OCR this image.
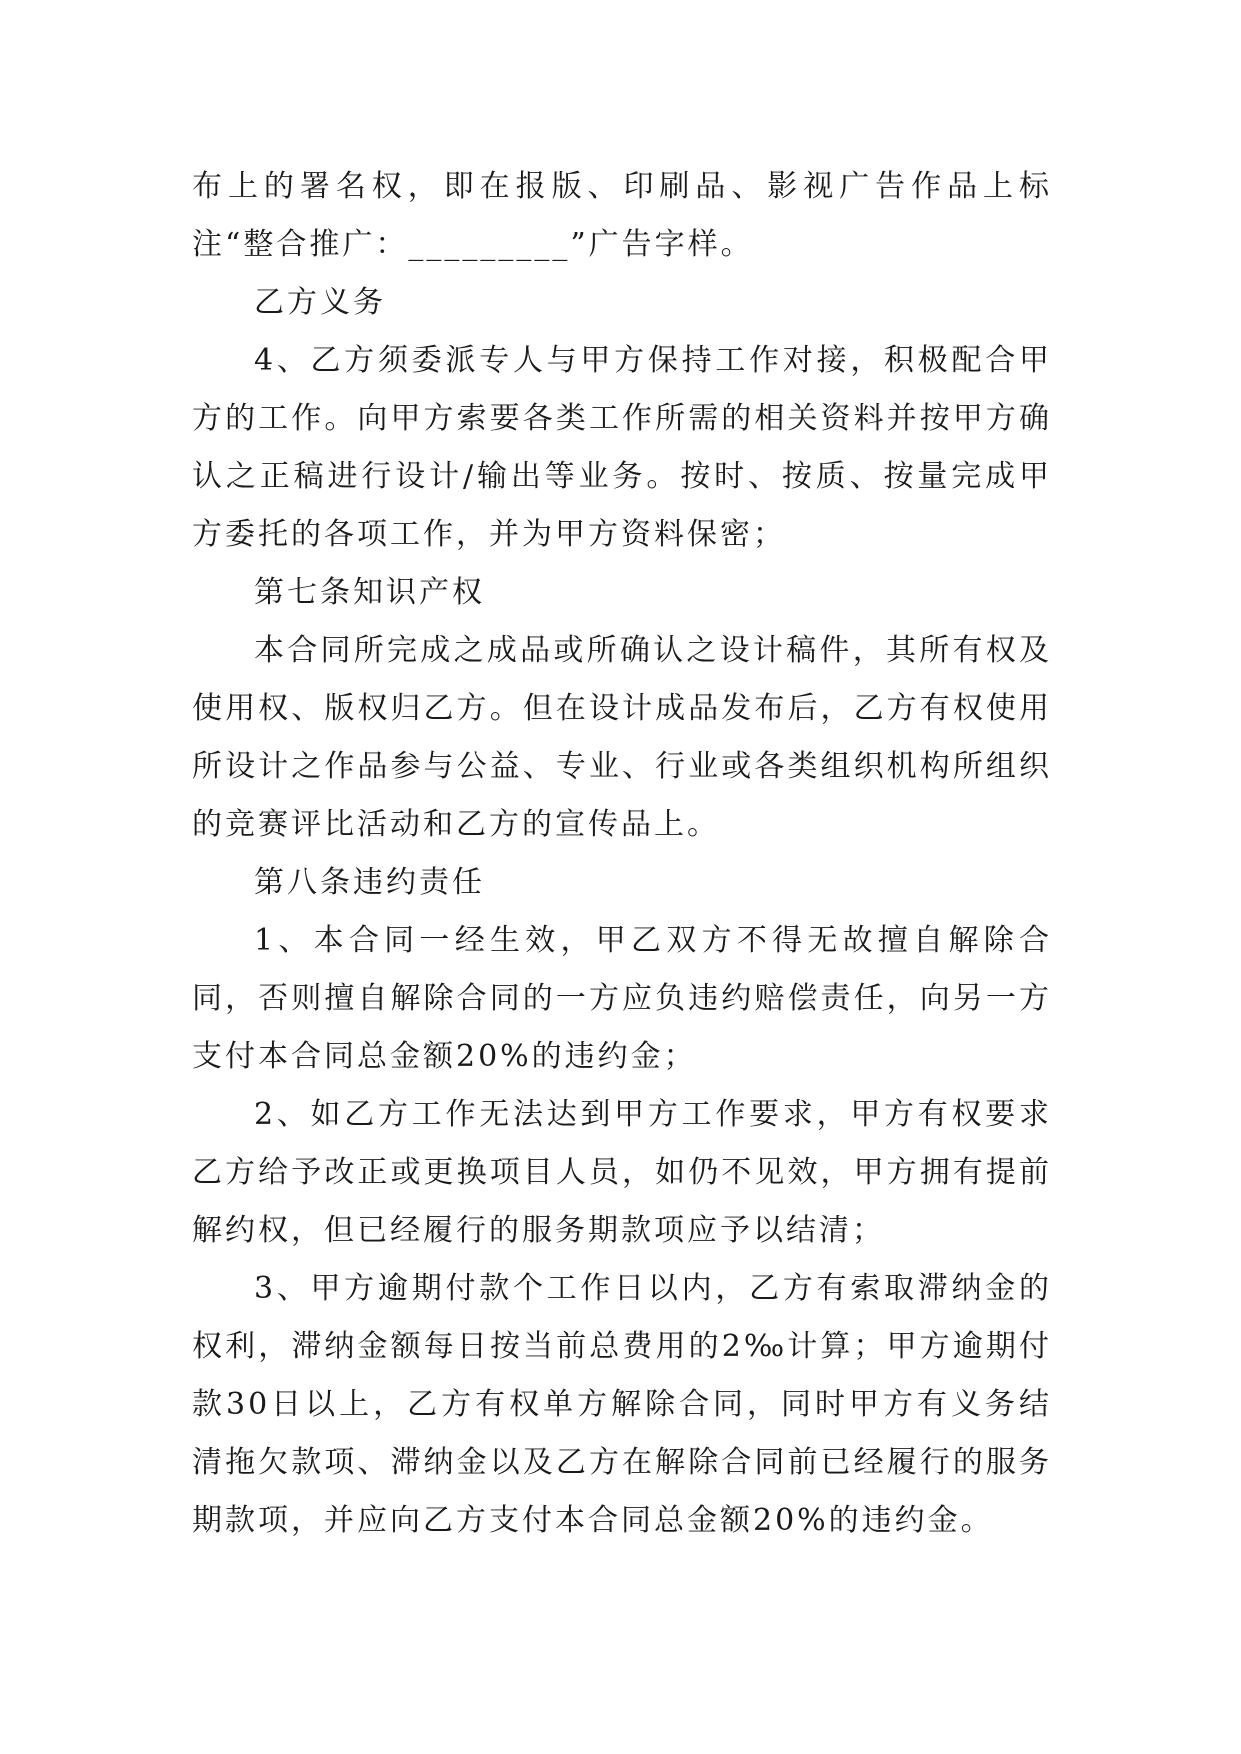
布上的署名权，即在报版、印刷品、影视广告作品上标注“整合推广：_________”广告字样。

乙方义务

4、乙方须委派专人与甲方保持工作对接，积极配合甲方的工作。向甲方索要各类工作所需的相关资料并按甲方确认之正稿进行设计/输出等业务。按时、按质、按量完成甲方委托的各项工作，并为甲方资料保密；

第七条知识产权

本合同所完成之成品或所确认之设计稿件，其所有权及使用权、版权归乙方。但在设计成品发布后，乙方有权使用所设计之作品参与公益、专业、行业或各类组织机构所组织的竞赛评比活动和乙方的宣传品上。

第八条违约责任

1、本合同一经生效，甲乙双方不得无故擅自解除合同，否则擅自解除合同的一方应负违约赔偿责任，向另一方支付本合同总金额20%的违约金；

2、如乙方工作无法达到甲方工作要求，甲方有权要求乙方给予改正或更换项目人员，如仍不见效，甲方拥有提前解约权，但已经履行的服务期款项应予以结清；

3、甲方逾期付款个工作日以内，乙方有索取滞纳金的权利，滞纳金额每日按当前总费用的2‰计算；甲方逾期付款30日以上，乙方有权单方解除合同，同时甲方有义务结清拖欠款项、滞纳金以及乙方在解除合同前已经履行的服务期款项，并应向乙方支付本合同总金额20%的违约金。
